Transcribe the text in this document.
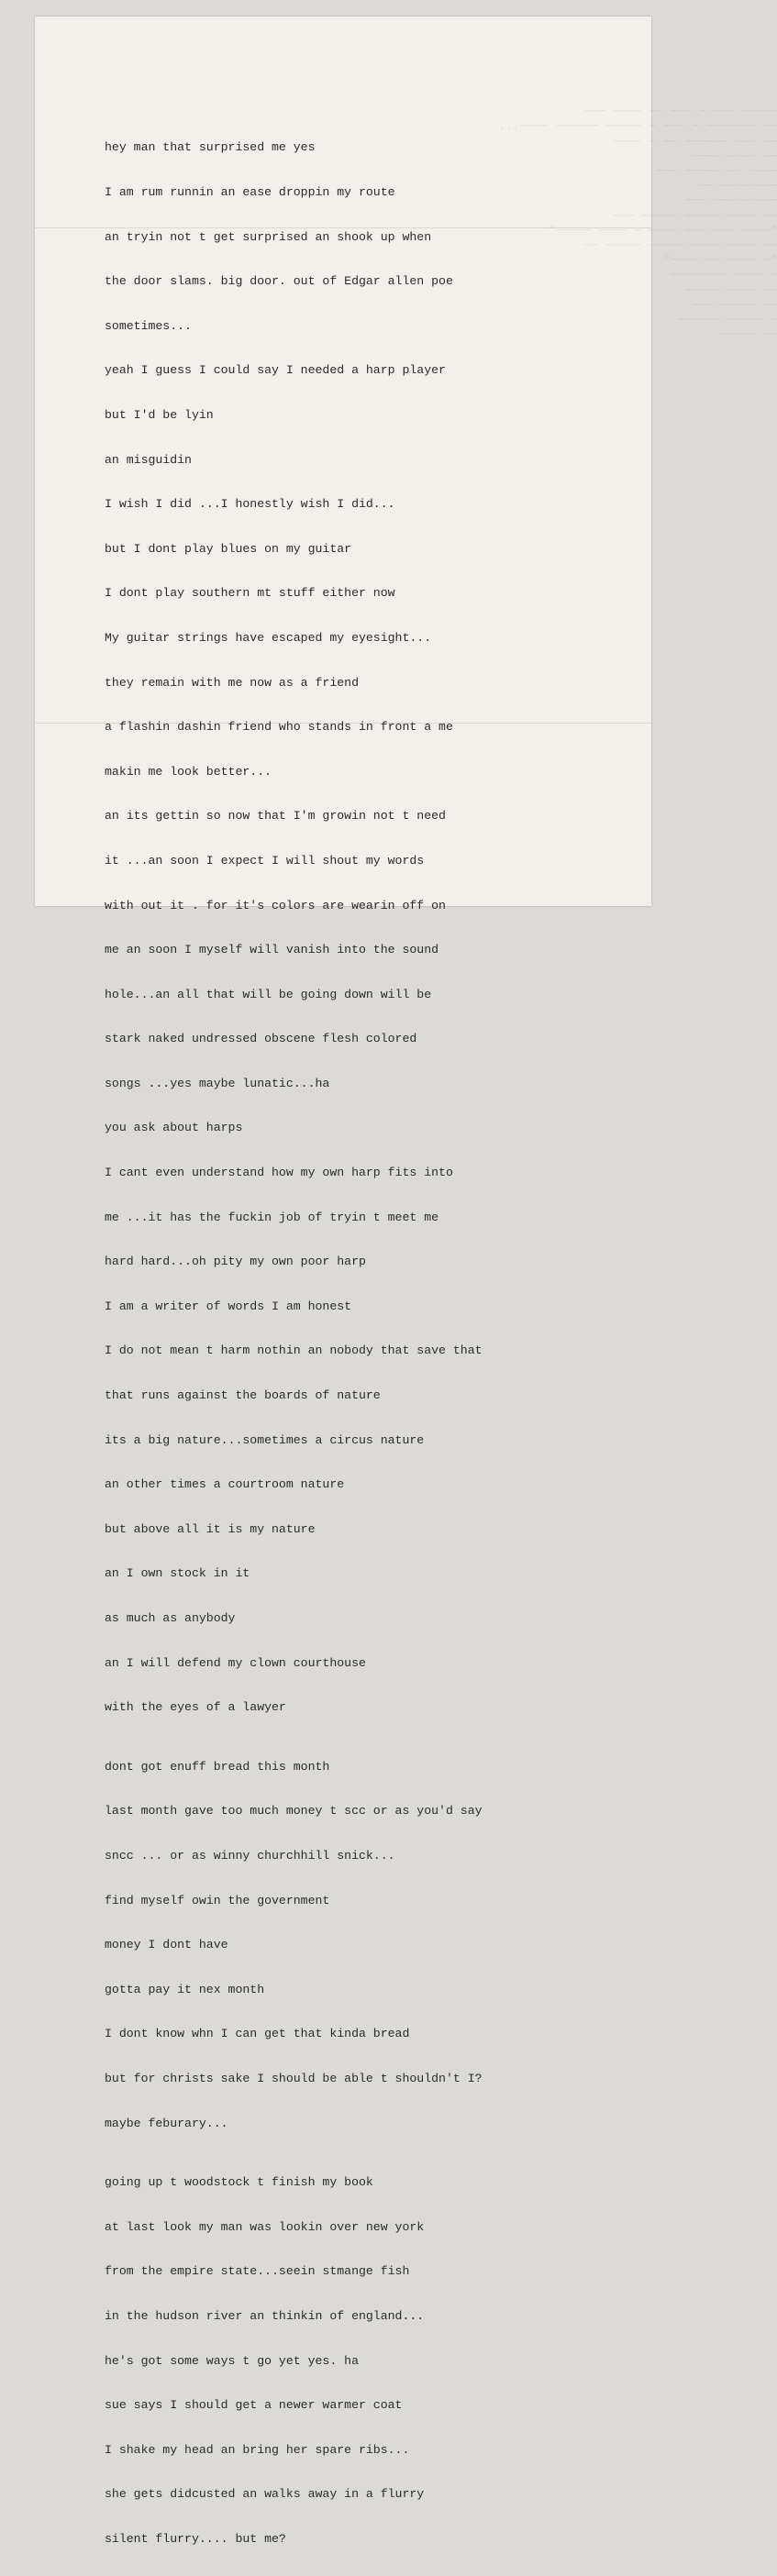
~~~~~ ~~~ ~ ~~~ ~~ ~~~~ ~~~
~~ ~~~~~~~ ~ ~~~ ~ ~~~~~ ~~~~~~ ~~~~...
~~ ~~~ ~~~~~~ ~~ ~ ~~~~
~~ ~~~~ ~~~~
~~~~ ~~ ~~~~~ ~~~
~~~~~~~~ ~~
~~~~~~~~~ ~~~
~~ ~~~~ ~~~~~ ~~~~~ ~~~
"~~~~ ~~~ ~~~ ~~~~ ~ ~~~~ ~~~~~"
~~ ~~~~ ~~~~ ~~~~~ ~~~~~ ~~
"~ ~~~~ ~~ ~~~~"
~ ~~~~ ~~~~~~~~
~~ ~~~~ ~~~~~
~~ ~~~~~ ~~~
~ ~~~~~ ~~~~~~
~~ ~~~~~

hey man that surprised me yes

I am rum runnin an ease droppin my route

an tryin not t get surprised an shook up when

the door slams. big door. out of Edgar allen poe

sometimes...

yeah I guess I could say I needed a harp player

but I'd be lyin

an misguidin

I wish I did ...I honestly wish I did...

but I dont play blues on my guitar

I dont play southern mt stuff either now

My guitar strings have escaped my eyesight...

they remain with me now as a friend

a flashin dashin friend who stands in front a me

makin me look better...

an its gettin so now that I'm growin not t need

it ...an soon I expect I will shout my words

with out it . for it's colors are wearin off on

me an soon I myself will vanish into the sound

hole...an all that will be going down will be

stark naked undressed obscene flesh colored

songs ...yes maybe lunatic...ha

you ask about harps

I cant even understand how my own harp fits into

me ...it has the fuckin job of tryin t meet me

hard hard...oh pity my own poor harp

I am a writer of words I am honest

I do not mean t harm nothin an nobody that save that

that runs against the boards of nature

its a big nature...sometimes a circus nature

an other times a courtroom nature

but above all it is my nature

an I own stock in it

as much as anybody

an I will defend my clown courthouse

with the eyes of a lawyer

dont got enuff bread this month

last month gave too much money t scc or as you'd say

sncc ... or as winny churchhill snick...

find myself owin the government

money I dont have

gotta pay it nex month

I dont know whn I can get that kinda bread

but for christs sake I should be able t shouldn't I?

maybe feburary...

going up t woodstock t finish my book

at last look my man was lookin over new york

from the empire state...seein stmange fish

in the hudson river an thinkin of england...

he's got some ways t go yet yes. ha

sue says I should get a newer warmer coat

I shake my head an bring her spare ribs...

she gets didcusted an walks away in a flurry

silent flurry.... but me?
